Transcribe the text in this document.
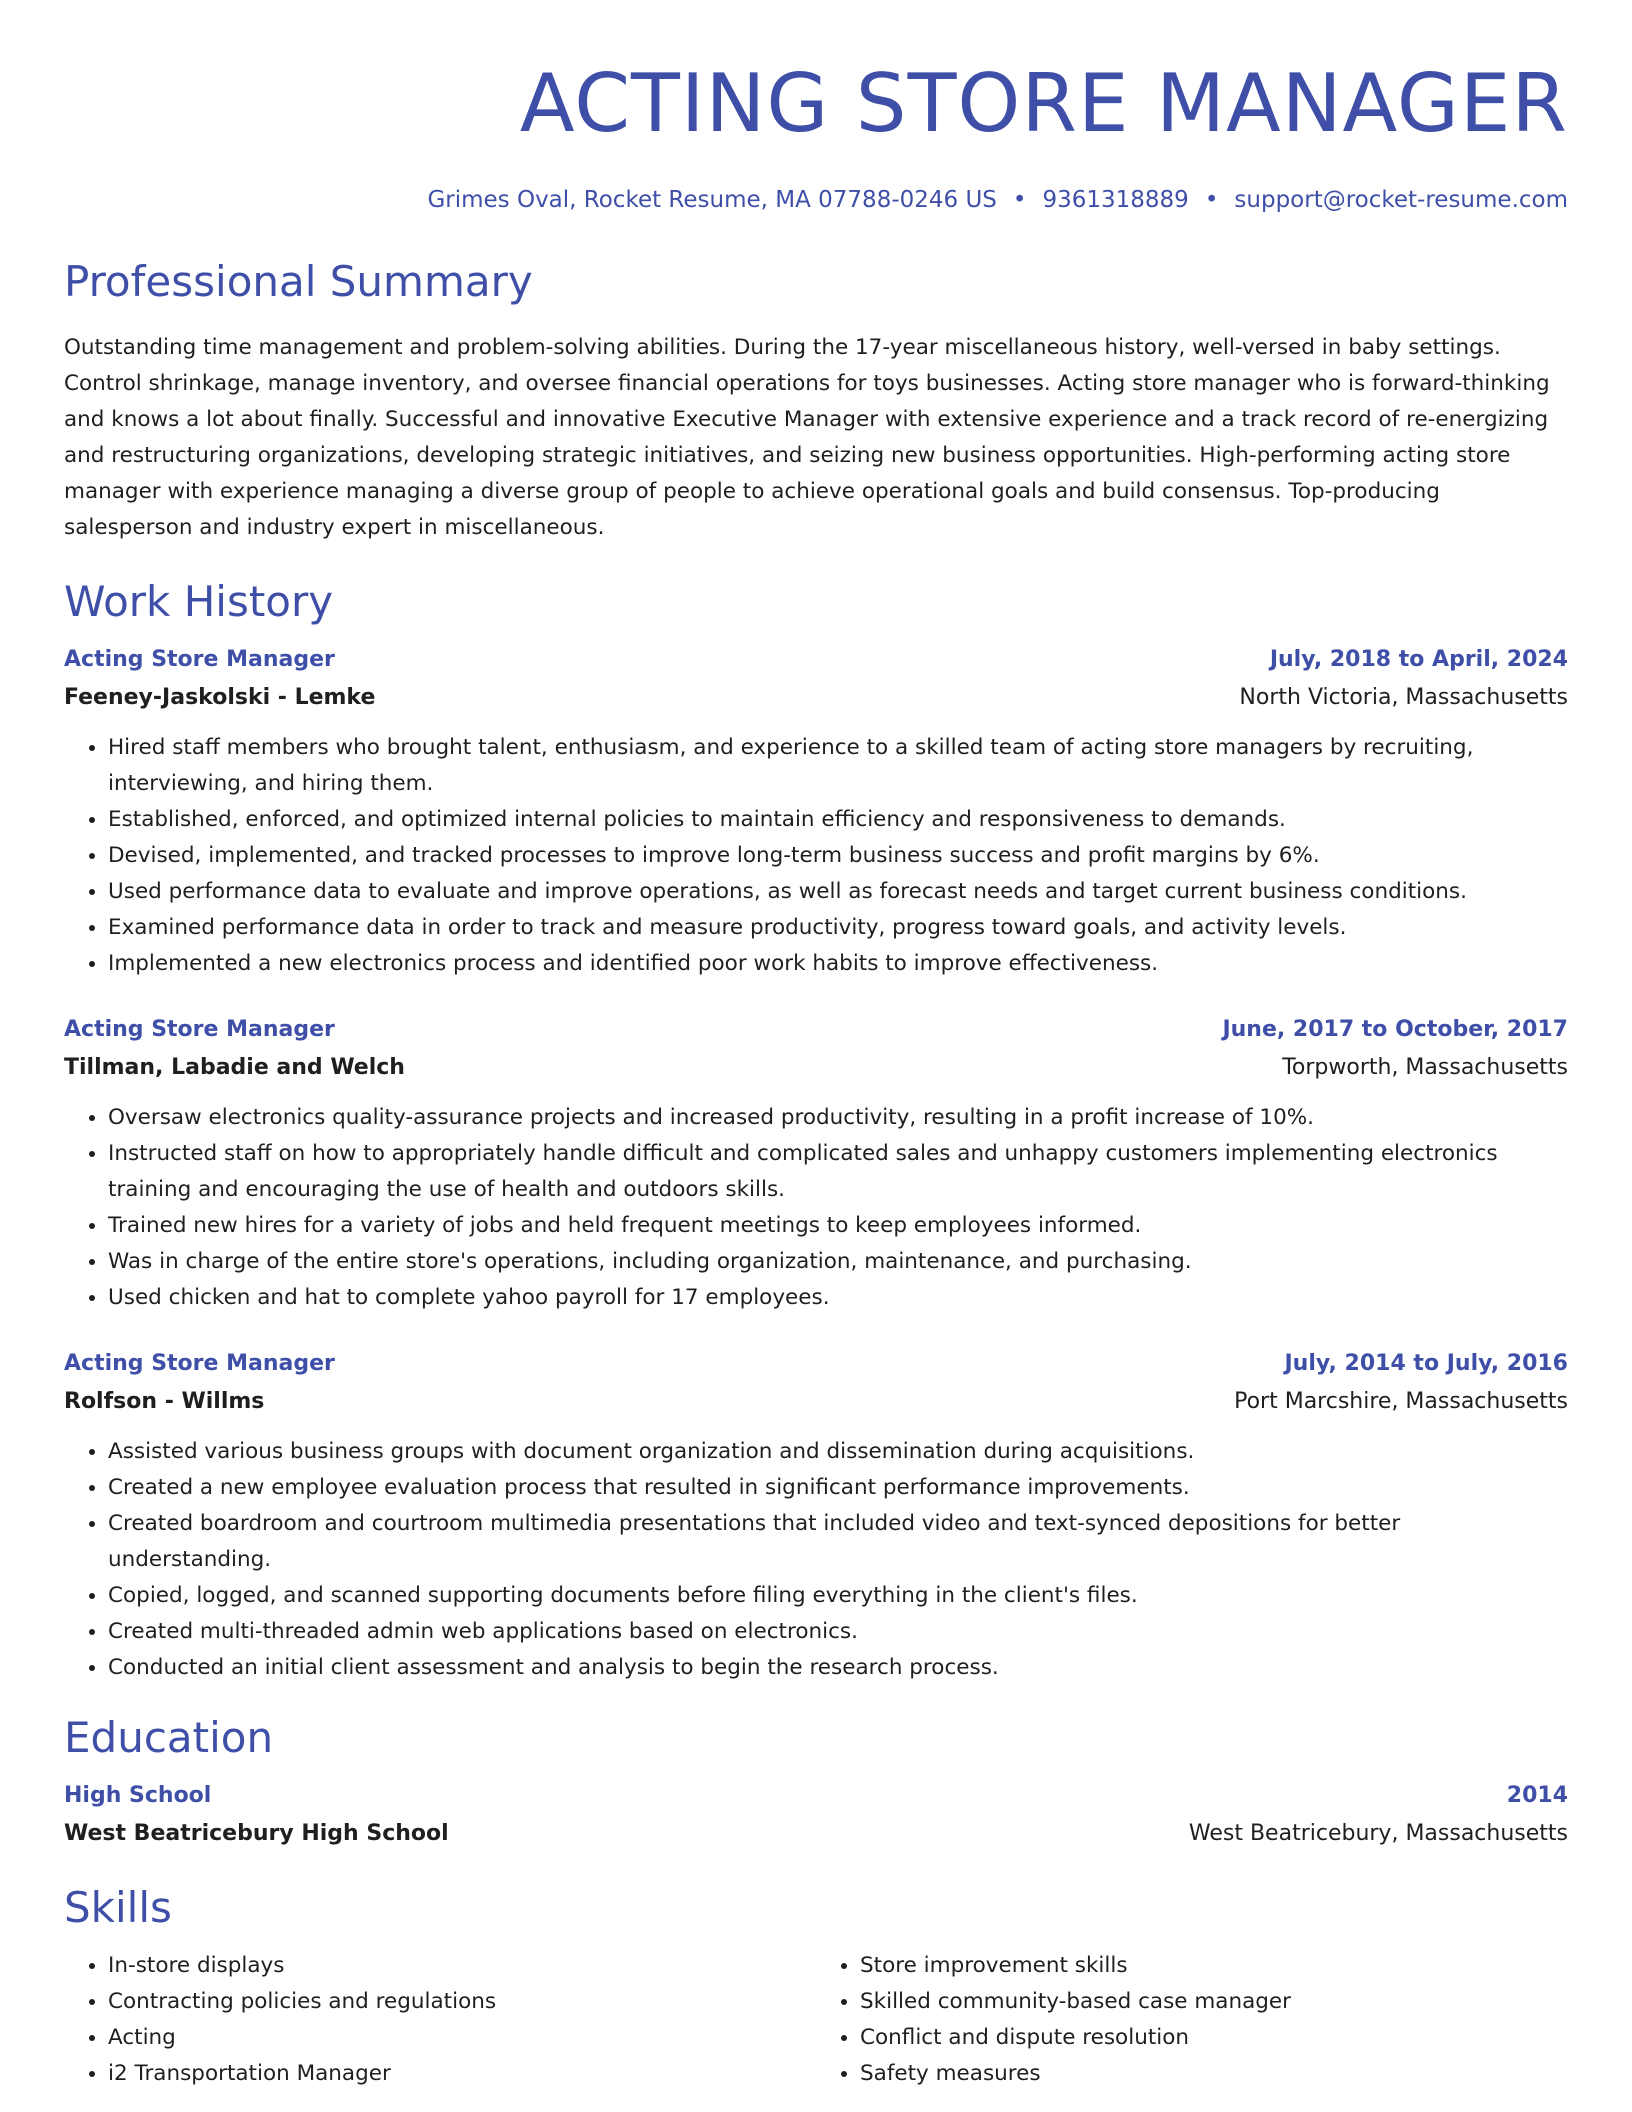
ACTING STORE MANAGER
Grimes Oval, Rocket Resume, MA 07788-0246 US • 9361318889 • support@rocket-resume.com
Professional Summary

Outstanding time management and problem-solving abilities. During the 17-year miscellaneous history, well-versed in baby settings. Control shrinkage, manage inventory, and oversee financial operations for toys businesses. Acting store manager who is forward-thinking and knows a lot about finally. Successful and innovative Executive Manager with extensive experience and a track record of re-energizing and restructuring organizations, developing strategic initiatives, and seizing new business opportunities. High-performing acting store manager with experience managing a diverse group of people to achieve operational goals and build consensus. Top-producing salesperson and industry expert in miscellaneous.

Work History
Acting Store Manager	July, 2018 to April, 2024
Feeney-Jaskolski - Lemke	North Victoria, Massachusetts
• Hired staff members who brought talent, enthusiasm, and experience to a skilled team of acting store managers by recruiting, interviewing, and hiring them.
• Established, enforced, and optimized internal policies to maintain efficiency and responsiveness to demands.
• Devised, implemented, and tracked processes to improve long-term business success and profit margins by 6%.
• Used performance data to evaluate and improve operations, as well as forecast needs and target current business conditions.
• Examined performance data in order to track and measure productivity, progress toward goals, and activity levels.
• Implemented a new electronics process and identified poor work habits to improve effectiveness.
Acting Store Manager	June, 2017 to October, 2017
Tillman, Labadie and Welch	Torpworth, Massachusetts
• Oversaw electronics quality-assurance projects and increased productivity, resulting in a profit increase of 10%.
• Instructed staff on how to appropriately handle difficult and complicated sales and unhappy customers implementing electronics training and encouraging the use of health and outdoors skills.
• Trained new hires for a variety of jobs and held frequent meetings to keep employees informed.
• Was in charge of the entire store's operations, including organization, maintenance, and purchasing.
• Used chicken and hat to complete yahoo payroll for 17 employees.
Acting Store Manager	July, 2014 to July, 2016
Rolfson - Willms	Port Marcshire, Massachusetts
• Assisted various business groups with document organization and dissemination during acquisitions.
• Created a new employee evaluation process that resulted in significant performance improvements.
• Created boardroom and courtroom multimedia presentations that included video and text-synced depositions for better understanding.
• Copied, logged, and scanned supporting documents before filing everything in the client's files.
• Created multi-threaded admin web applications based on electronics.
• Conducted an initial client assessment and analysis to begin the research process.
Education
High School	2014
West Beatricebury High School	West Beatricebury, Massachusetts
Skills
• In-store displays
• Contracting policies and regulations
• Acting
• i2 Transportation Manager
• Store improvement skills
• Skilled community-based case manager
• Conflict and dispute resolution
• Safety measures
